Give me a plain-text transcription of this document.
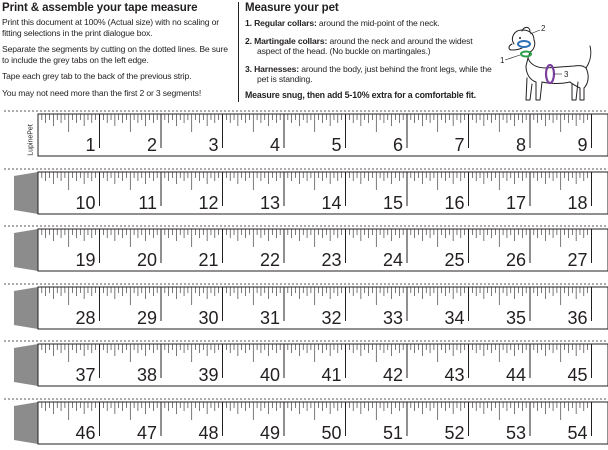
Print & assemble your tape measure

Print this document at 100% (Actual size) with no scaling or fitting selections in the print dialogue box.

Separate the segments by cutting on the dotted lines. Be sure to include the grey tabs on the left edge.

Tape each grey tab to the back of the previous strip.

You may not need more than the first 2 or 3 segments!

Measure your pet
1. Regular collars: around the mid-point of the neck.
2. Martingale collars: around the neck and around the widest aspect of the head. (No buckle on martingales.)
3. Harnesses: around the body, just behind the front legs, while the pet is standing.
Measure snug, then add 5-10% extra for a comfortable fit.
1
2
3
1	2	3	4	5	6	7	8	9
10	11	12	13	14	15	16	17	18
19	20	21	22	23	24	25	26	27
28	29	30	31	32	33	34	35	36
37	38	39	40	41	42	43	44	45
46	47	48	49	50	51	52	53	54
LupinePet
